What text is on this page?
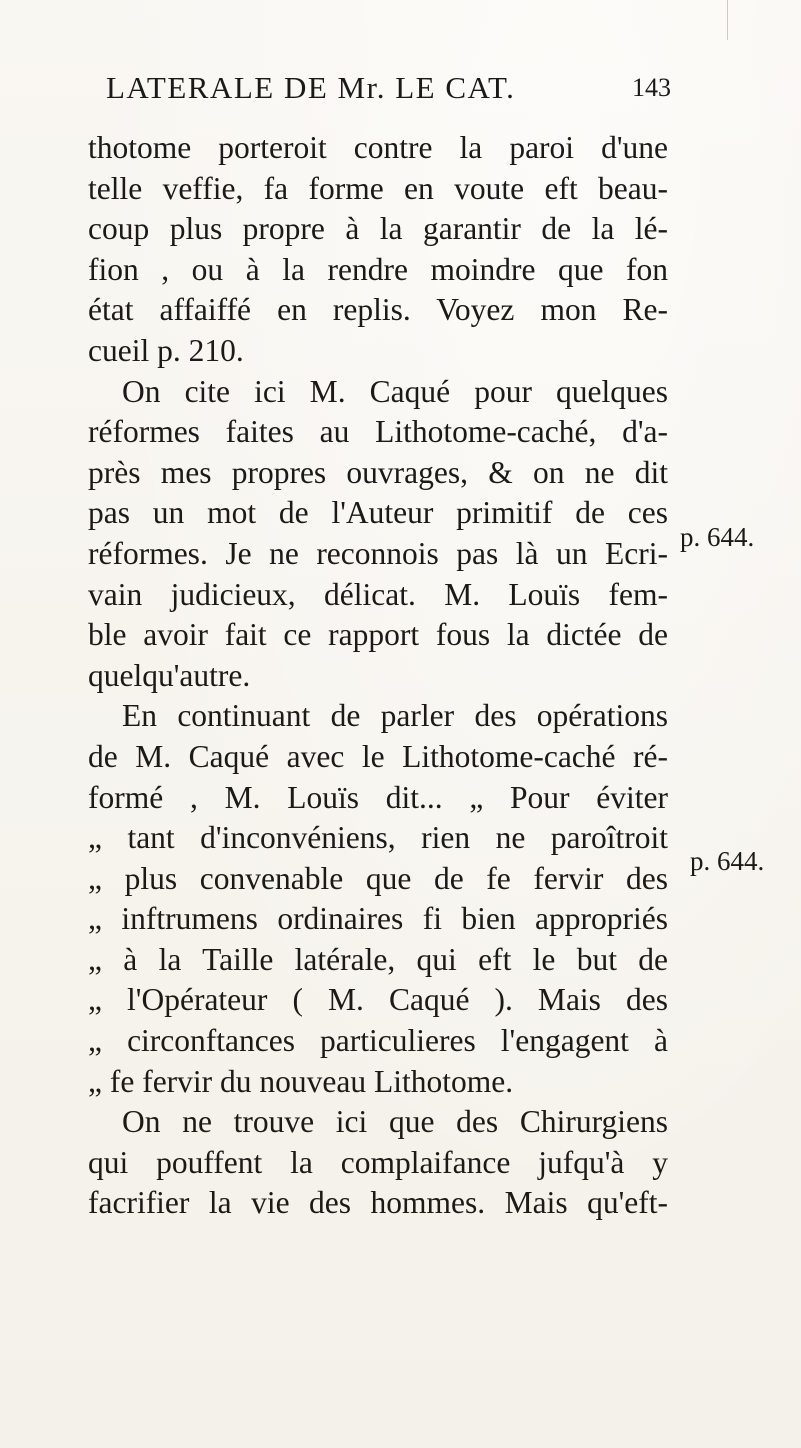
LATERALE DE Mr. LE CAT.	143
thotome porteroit contre la paroi d'une
telle veffie, fa forme en voute eft beau-
coup plus propre à la garantir de la lé-
fion , ou à la rendre moindre que fon
état affaiffé en replis. Voyez mon Re-
cueil p. 210.
On cite ici M. Caqué pour quelques
réformes faites au Lithotome-caché, d'a-
près mes propres ouvrages, & on ne dit
pas un mot de l'Auteur primitif de ces
réformes. Je ne reconnois pas là un Ecri-
vain judicieux, délicat. M. Louïs fem-
ble avoir fait ce rapport fous la dictée de
quelqu'autre.
En continuant de parler des opérations
de M. Caqué avec le Lithotome-caché ré-
formé , M. Louïs dit... „ Pour éviter
„ tant d'inconvéniens, rien ne paroîtroit
„ plus convenable que de fe fervir des
„ inftrumens ordinaires fi bien appropriés
„ à la Taille latérale, qui eft le but de
„ l'Opérateur ( M. Caqué ). Mais des
„ circonftances particulieres l'engagent à
„ fe fervir du nouveau Lithotome.
On ne trouve ici que des Chirurgiens
qui pouffent la complaifance jufqu'à y
facrifier la vie des hommes. Mais qu'eft-
p. 644.
p. 644.
